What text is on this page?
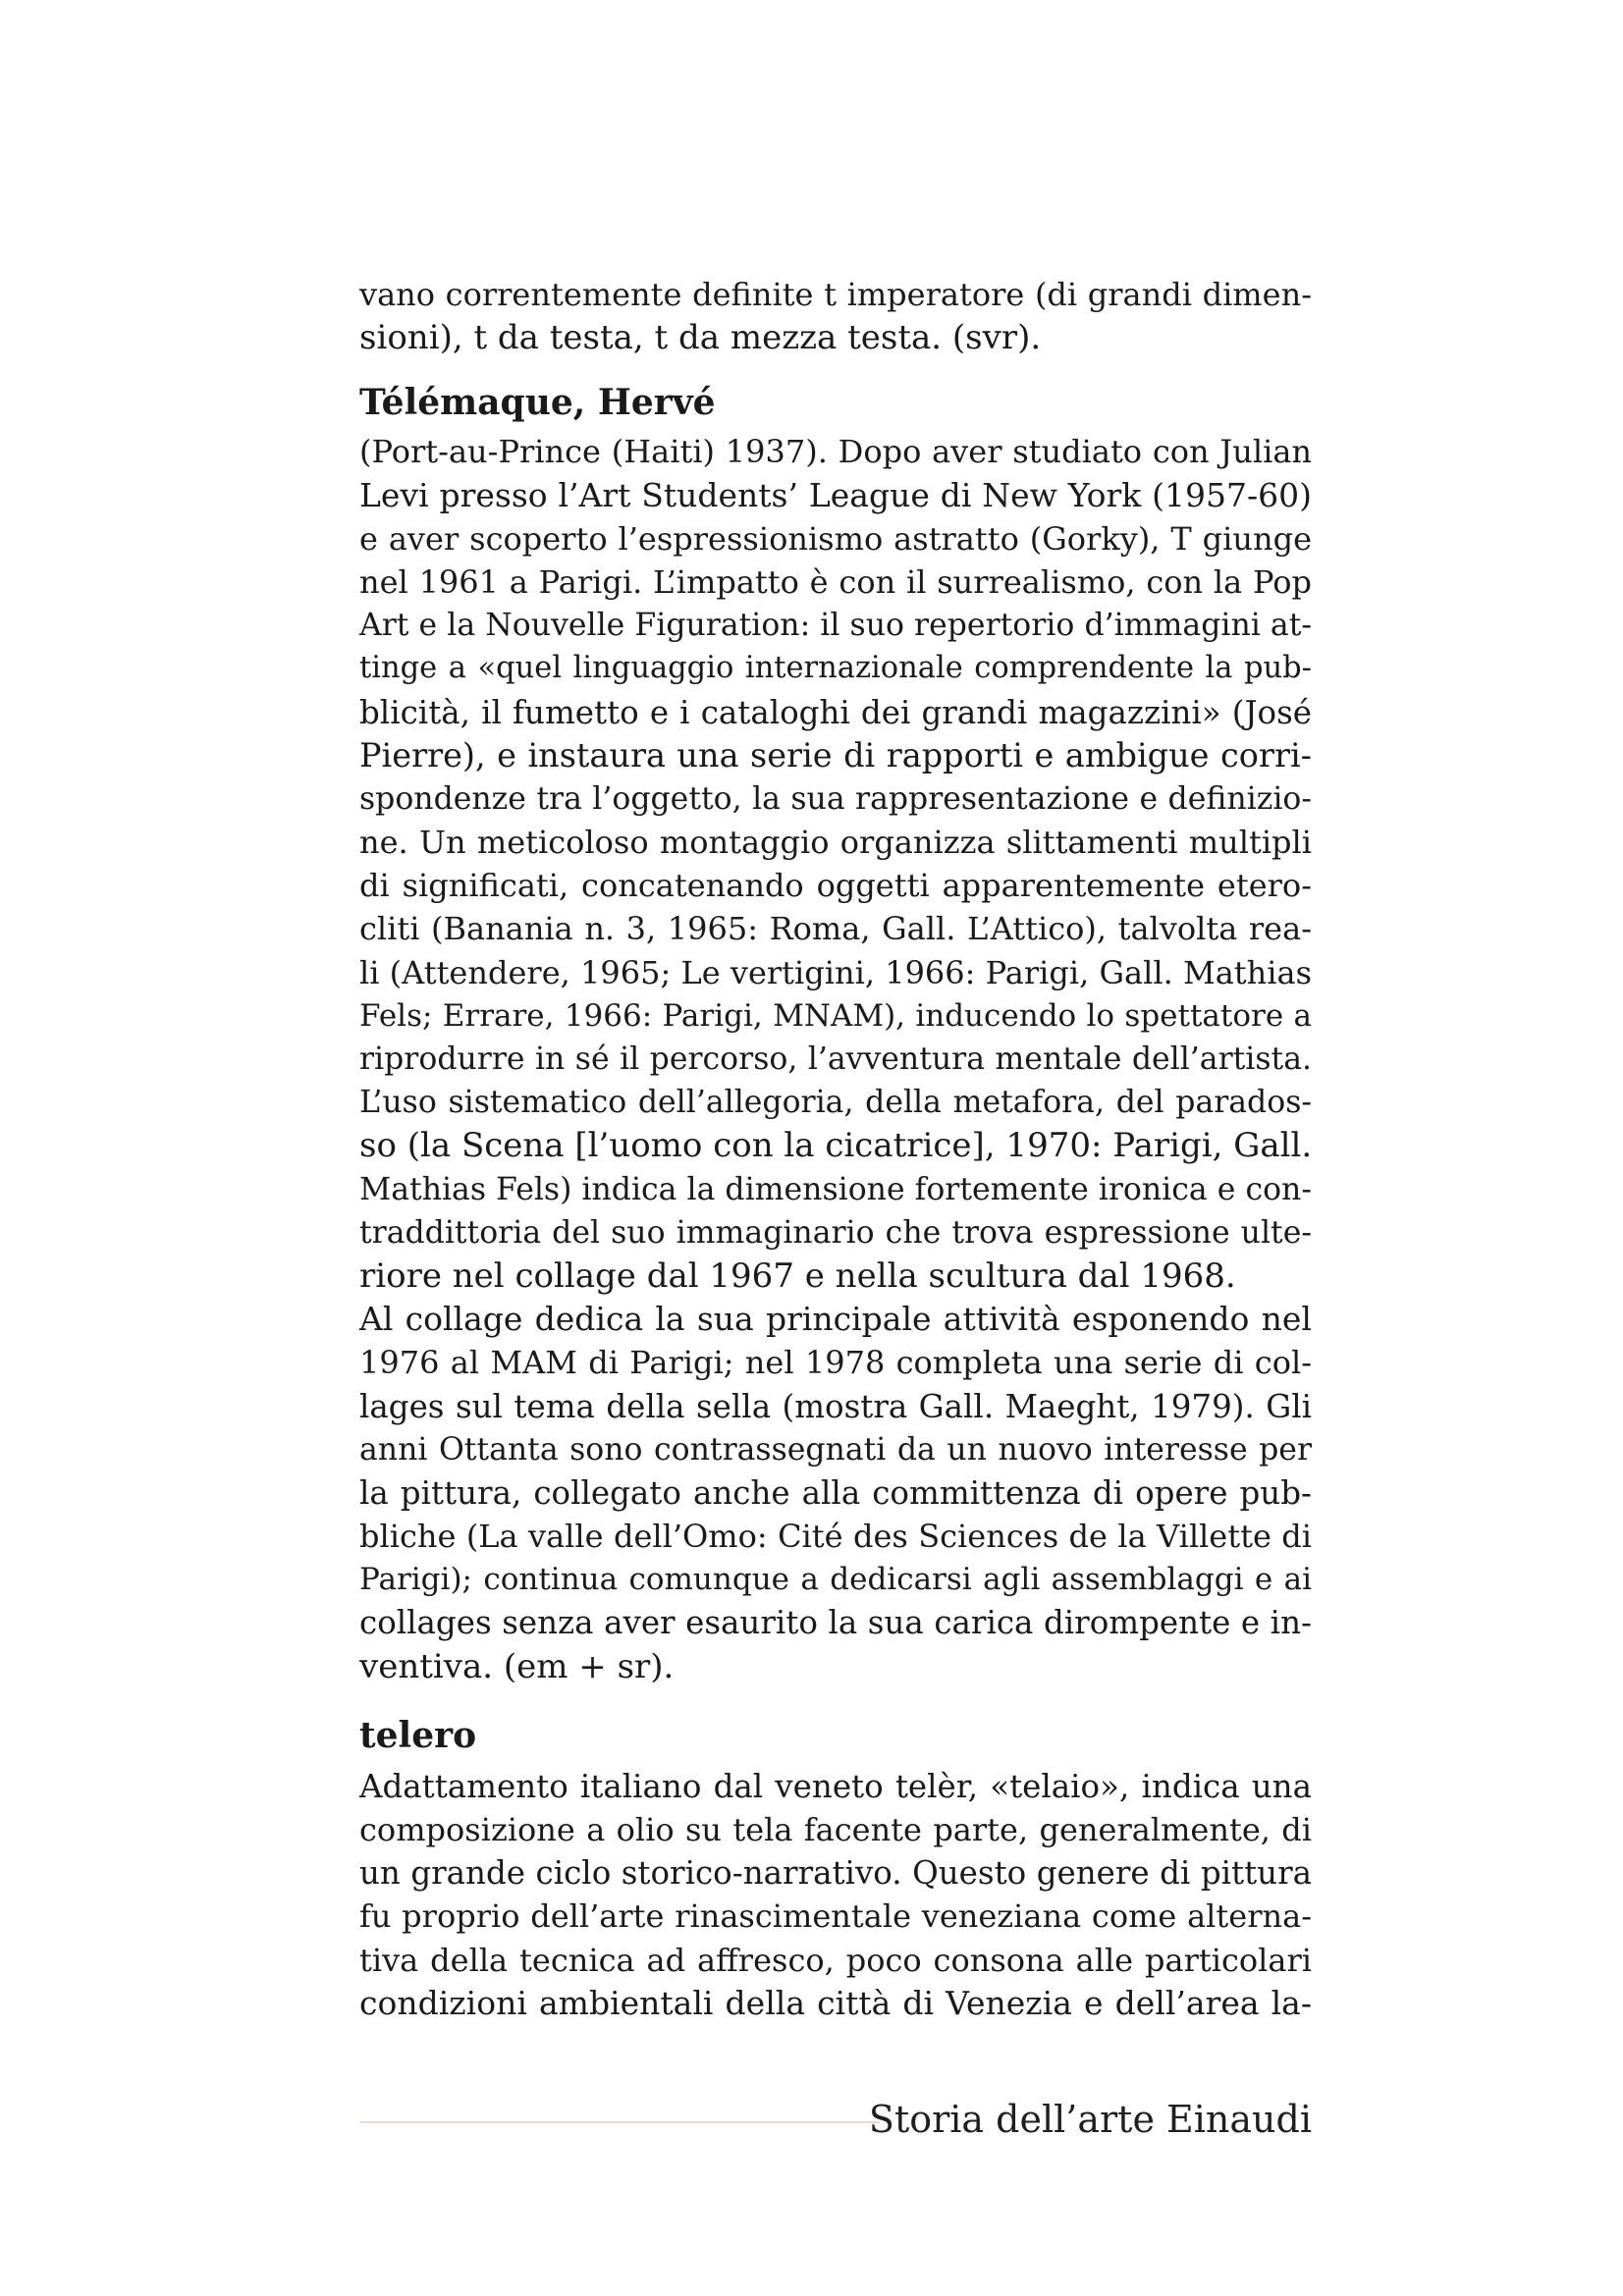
vano correntemente definite t imperatore (di grandi dimen-
sioni), t da testa, t da mezza testa. (svr).
Télémaque, Hervé
(Port-au-Prince (Haiti) 1937). Dopo aver studiato con Julian
Levi presso l’Art Students’ League di New York (1957-60)
e aver scoperto l’espressionismo astratto (Gorky), T giunge
nel 1961 a Parigi. L’impatto è con il surrealismo, con la Pop
Art e la Nouvelle Figuration: il suo repertorio d’immagini at-
tinge a «quel linguaggio internazionale comprendente la pub-
blicità, il fumetto e i cataloghi dei grandi magazzini» (José
Pierre), e instaura una serie di rapporti e ambigue corri-
spondenze tra l’oggetto, la sua rappresentazione e definizio-
ne. Un meticoloso montaggio organizza slittamenti multipli
di significati, concatenando oggetti apparentemente etero-
cliti (Banania n. 3, 1965: Roma, Gall. L’Attico), talvolta rea-
li (Attendere, 1965; Le vertigini, 1966: Parigi, Gall. Mathias
Fels; Errare, 1966: Parigi, MNAM), inducendo lo spettatore a
riprodurre in sé il percorso, l’avventura mentale dell’artista.
L’uso sistematico dell’allegoria, della metafora, del parados-
so (la Scena [l’uomo con la cicatrice], 1970: Parigi, Gall.
Mathias Fels) indica la dimensione fortemente ironica e con-
traddittoria del suo immaginario che trova espressione ulte-
riore nel collage dal 1967 e nella scultura dal 1968.
Al collage dedica la sua principale attività esponendo nel
1976 al MAM di Parigi; nel 1978 completa una serie di col-
lages sul tema della sella (mostra Gall. Maeght, 1979). Gli
anni Ottanta sono contrassegnati da un nuovo interesse per
la pittura, collegato anche alla committenza di opere pub-
bliche (La valle dell’Omo: Cité des Sciences de la Villette di
Parigi); continua comunque a dedicarsi agli assemblaggi e ai
collages senza aver esaurito la sua carica dirompente e in-
ventiva. (em + sr).
telero
Adattamento italiano dal veneto telèr, «telaio», indica una
composizione a olio su tela facente parte, generalmente, di
un grande ciclo storico-narrativo. Questo genere di pittura
fu proprio dell’arte rinascimentale veneziana come alterna-
tiva della tecnica ad affresco, poco consona alle particolari
condizioni ambientali della città di Venezia e dell’area la-
Storia dell’arte Einaudi
